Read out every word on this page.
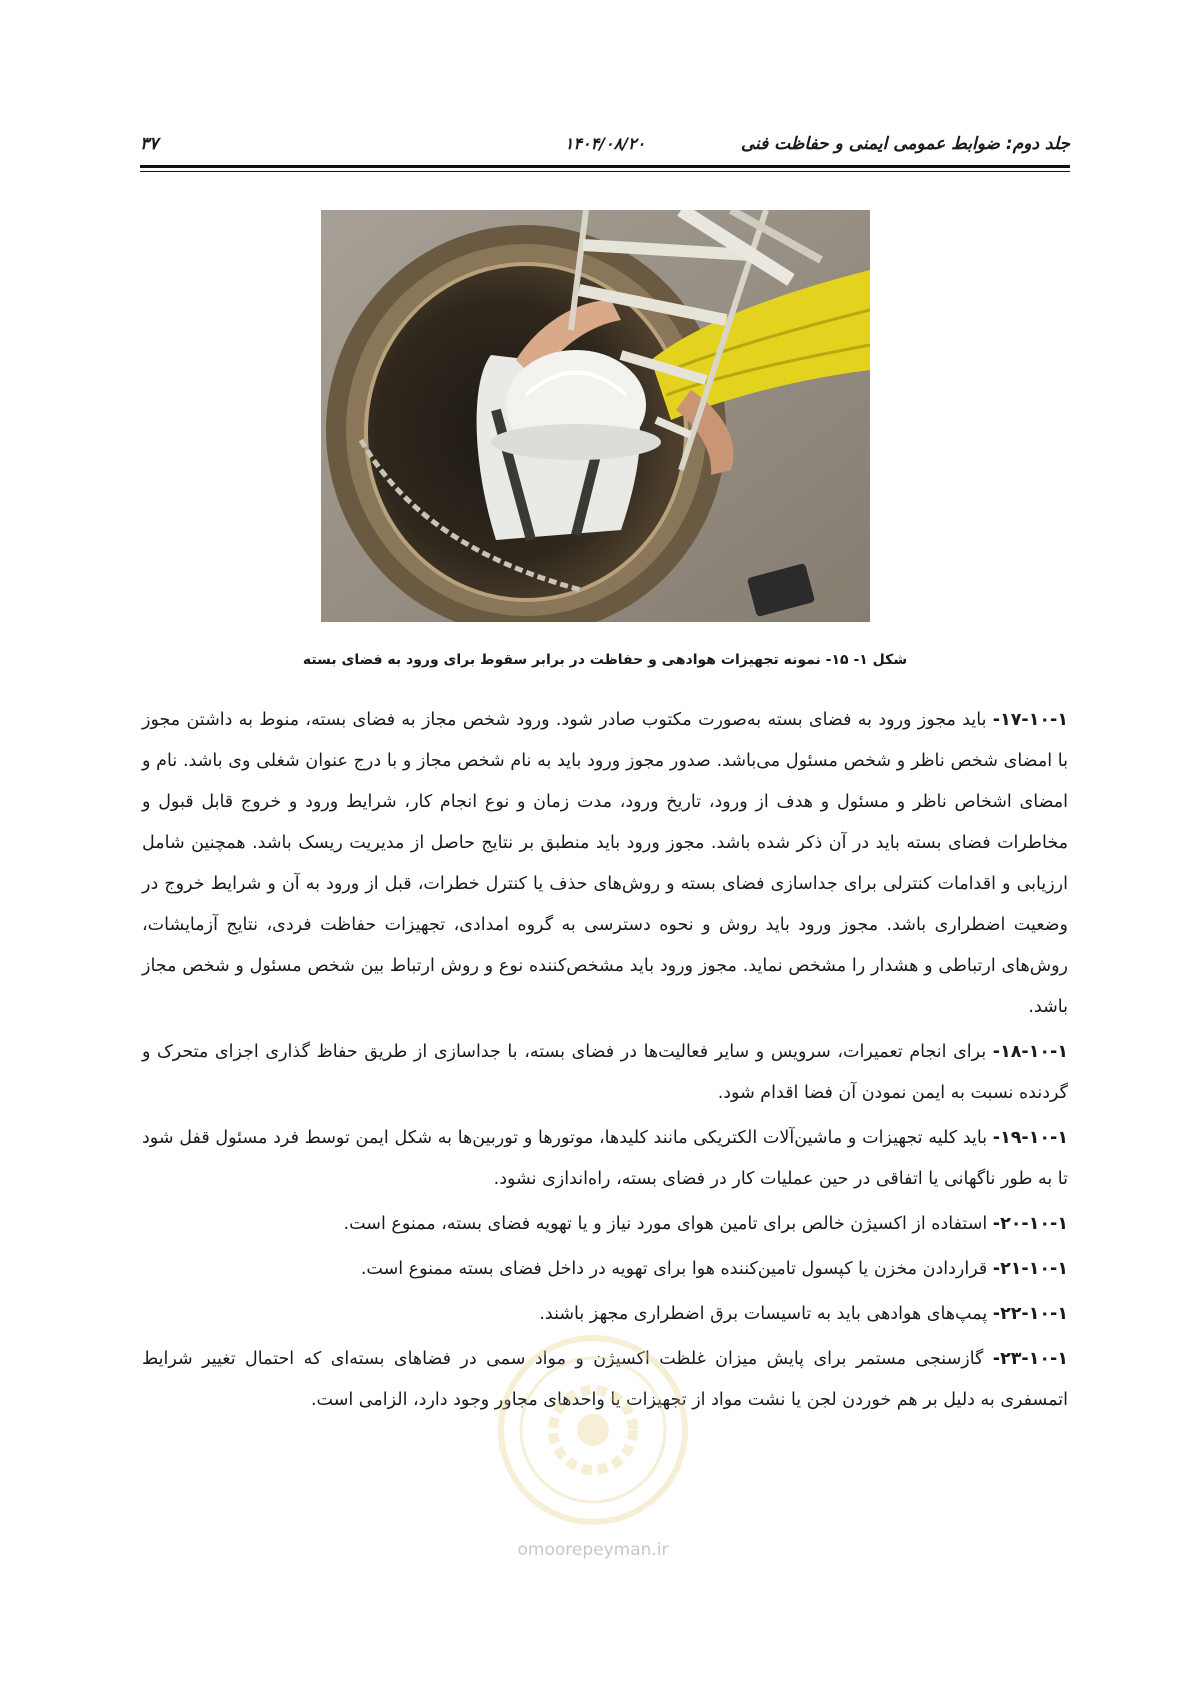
جلد دوم: ضوابط عمومی ایمنی و حفاظت فنی
۱۴۰۴/۰۸/۲۰
۳۷
شکل ۱- ۱۵- نمونه تجهیزات هوادهی و حفاظت در برابر سقوط برای ورود به فضای بسته

۱۷-۱۰-۱- باید مجوز ورود به فضای بسته به‌صورت مکتوب صادر شود. ورود شخص مجاز به فضای بسته، منوط به داشتن مجوز با امضای شخص ناظر و شخص مسئول می‌باشد. صدور مجوز ورود باید به نام شخص مجاز و با درج عنوان شغلی وی باشد. نام و امضای اشخاص ناظر و مسئول و هدف از ورود، تاریخ ورود، مدت زمان و نوع انجام کار، شرایط ورود و خروج قابل قبول و مخاطرات فضای بسته باید در آن ذکر شده باشد. مجوز ورود باید منطبق بر نتایج حاصل از مدیریت ریسک باشد. همچنین شامل ارزیابی و اقدامات کنترلی برای جداسازی فضای بسته و روش‌های حذف یا کنترل خطرات، قبل از ورود به آن و شرایط خروج در وضعیت اضطراری باشد. مجوز ورود باید روش و نحوه دسترسی به گروه امدادی، تجهیزات حفاظت فردی، نتایج آزمایشات، روش‌های ارتباطی و هشدار را مشخص نماید. مجوز ورود باید مشخص‌کننده نوع و روش ارتباط بین شخص مسئول و شخص مجاز باشد.

۱۸-۱۰-۱- برای انجام تعمیرات، سرویس و سایر فعالیت‌ها در فضای بسته، با جداسازی از طریق حفاظ گذاری اجزای متحرک و گردنده نسبت به ایمن نمودن آن فضا اقدام شود.

۱۹-۱۰-۱- باید کلیه تجهیزات و ماشین‌آلات الکتریکی مانند کلیدها، موتورها و توربین‌ها به شکل ایمن توسط فرد مسئول قفل شود تا به طور ناگهانی یا اتفاقی در حین عملیات کار در فضای بسته، راه‌اندازی نشود.

۲۰-۱۰-۱- استفاده از اکسیژن خالص برای تامین هوای مورد نیاز و یا تهویه فضای بسته، ممنوع است.

۲۱-۱۰-۱- قراردادن مخزن یا کپسول تامین‌کننده هوا برای تهویه در داخل فضای بسته ممنوع است.

۲۲-۱۰-۱- پمپ‌های هوادهی باید به تاسیسات برق اضطراری مجهز باشند.

۲۳-۱۰-۱- گازسنجی مستمر برای پایش میزان غلظت اکسیژن و مواد سمی در فضاهای بسته‌ای که احتمال تغییر شرایط اتمسفری به دلیل بر هم خوردن لجن یا نشت مواد از تجهیزات یا واحدهای مجاور وجود دارد، الزامی است.

omoorepeyman.ir
